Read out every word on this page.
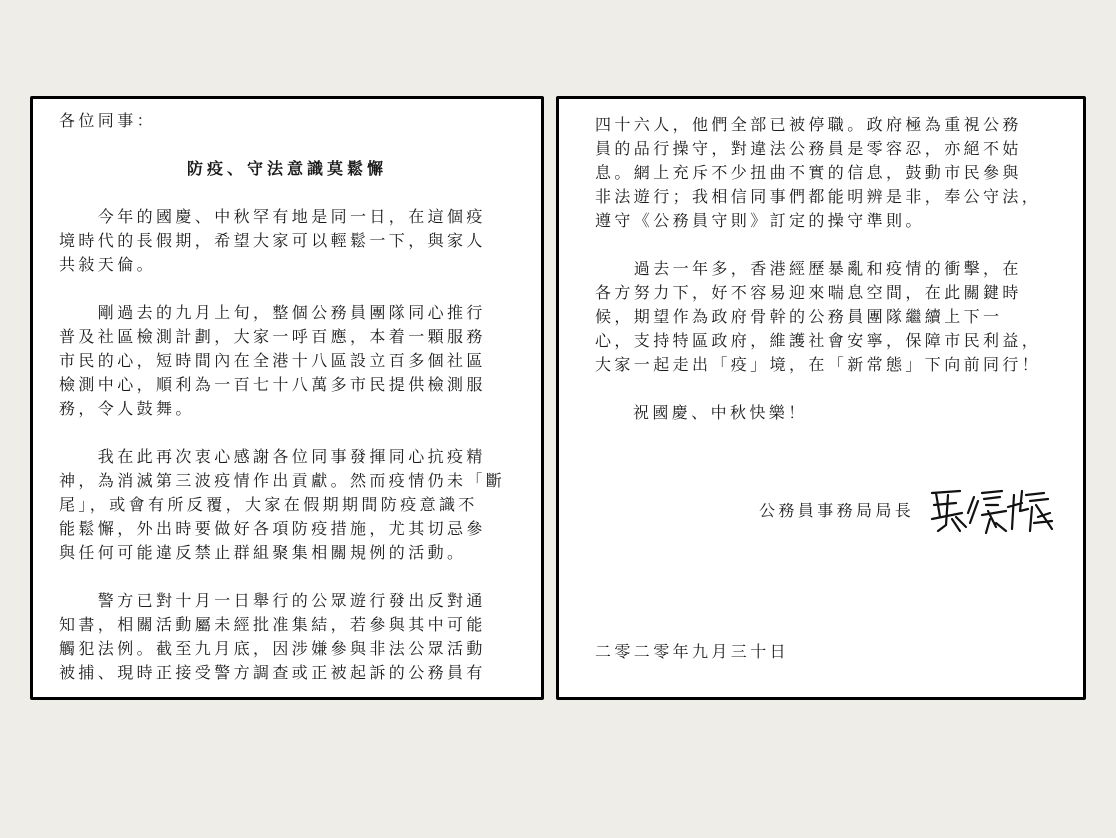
各位同事：
防疫、守法意識莫鬆懈
　　今年的國慶、中秋罕有地是同一日，在這個疫
境時代的長假期，希望大家可以輕鬆一下，與家人
共敍天倫。
　　剛過去的九月上旬，整個公務員團隊同心推行
普及社區檢測計劃，大家一呼百應，本着一顆服務
市民的心，短時間內在全港十八區設立百多個社區
檢測中心，順利為一百七十八萬多市民提供檢測服
務，令人鼓舞。
　　我在此再次衷心感謝各位同事發揮同心抗疫精
神，為消滅第三波疫情作出貢獻。然而疫情仍未「斷
尾」，或會有所反覆，大家在假期期間防疫意識不
能鬆懈，外出時要做好各項防疫措施，尤其切忌參
與任何可能違反禁止群組聚集相關規例的活動。
　　警方已對十月一日舉行的公眾遊行發出反對通
知書，相關活動屬未經批准集結，若參與其中可能
觸犯法例。截至九月底，因涉嫌參與非法公眾活動
被捕、現時正接受警方調查或正被起訴的公務員有
四十六人，他們全部已被停職。政府極為重視公務
員的品行操守，對違法公務員是零容忍，亦絕不姑
息。網上充斥不少扭曲不實的信息，鼓動市民參與
非法遊行；我相信同事們都能明辨是非，奉公守法，
遵守《公務員守則》訂定的操守準則。
　　過去一年多，香港經歷暴亂和疫情的衝擊，在
各方努力下，好不容易迎來喘息空間，在此關鍵時
候，期望作為政府骨幹的公務員團隊繼續上下一
心，支持特區政府，維護社會安寧，保障市民利益，
大家一起走出「疫」境，在「新常態」下向前同行！
祝國慶、中秋快樂！
公務員事務局局長
二零二零年九月三十日
